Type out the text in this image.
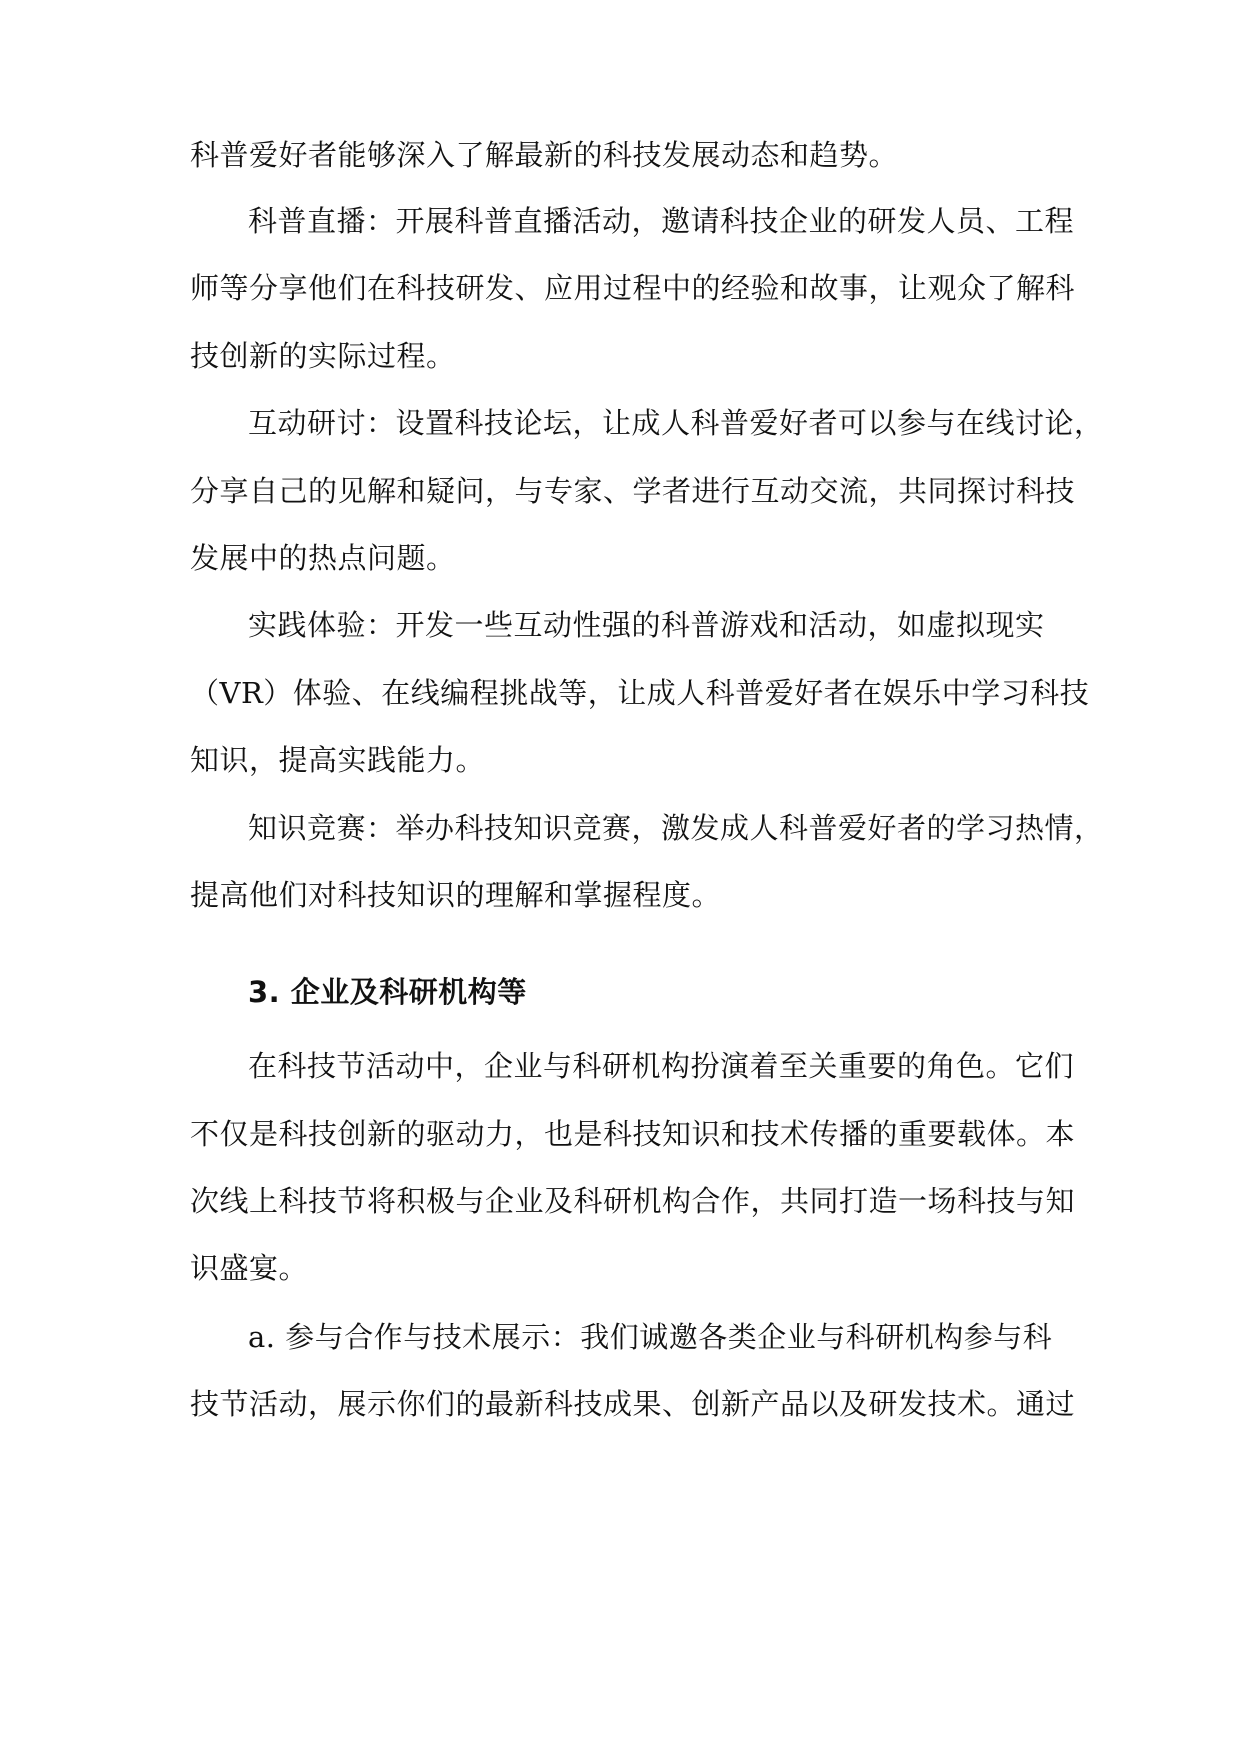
科普爱好者能够深入了解最新的科技发展动态和趋势。
科普直播：开展科普直播活动，邀请科技企业的研发人员、工程
师等分享他们在科技研发、应用过程中的经验和故事，让观众了解科
技创新的实际过程。
互动研讨：设置科技论坛，让成人科普爱好者可以参与在线讨论，
分享自己的见解和疑问，与专家、学者进行互动交流，共同探讨科技
发展中的热点问题。
实践体验：开发一些互动性强的科普游戏和活动，如虚拟现实
（VR）体验、在线编程挑战等，让成人科普爱好者在娱乐中学习科技
知识，提高实践能力。
知识竞赛：举办科技知识竞赛，激发成人科普爱好者的学习热情，
提高他们对科技知识的理解和掌握程度。
3. 企业及科研机构等
在科技节活动中，企业与科研机构扮演着至关重要的角色。它们
不仅是科技创新的驱动力，也是科技知识和技术传播的重要载体。本
次线上科技节将积极与企业及科研机构合作，共同打造一场科技与知
识盛宴。
a. 参与合作与技术展示：我们诚邀各类企业与科研机构参与科
技节活动，展示你们的最新科技成果、创新产品以及研发技术。通过
